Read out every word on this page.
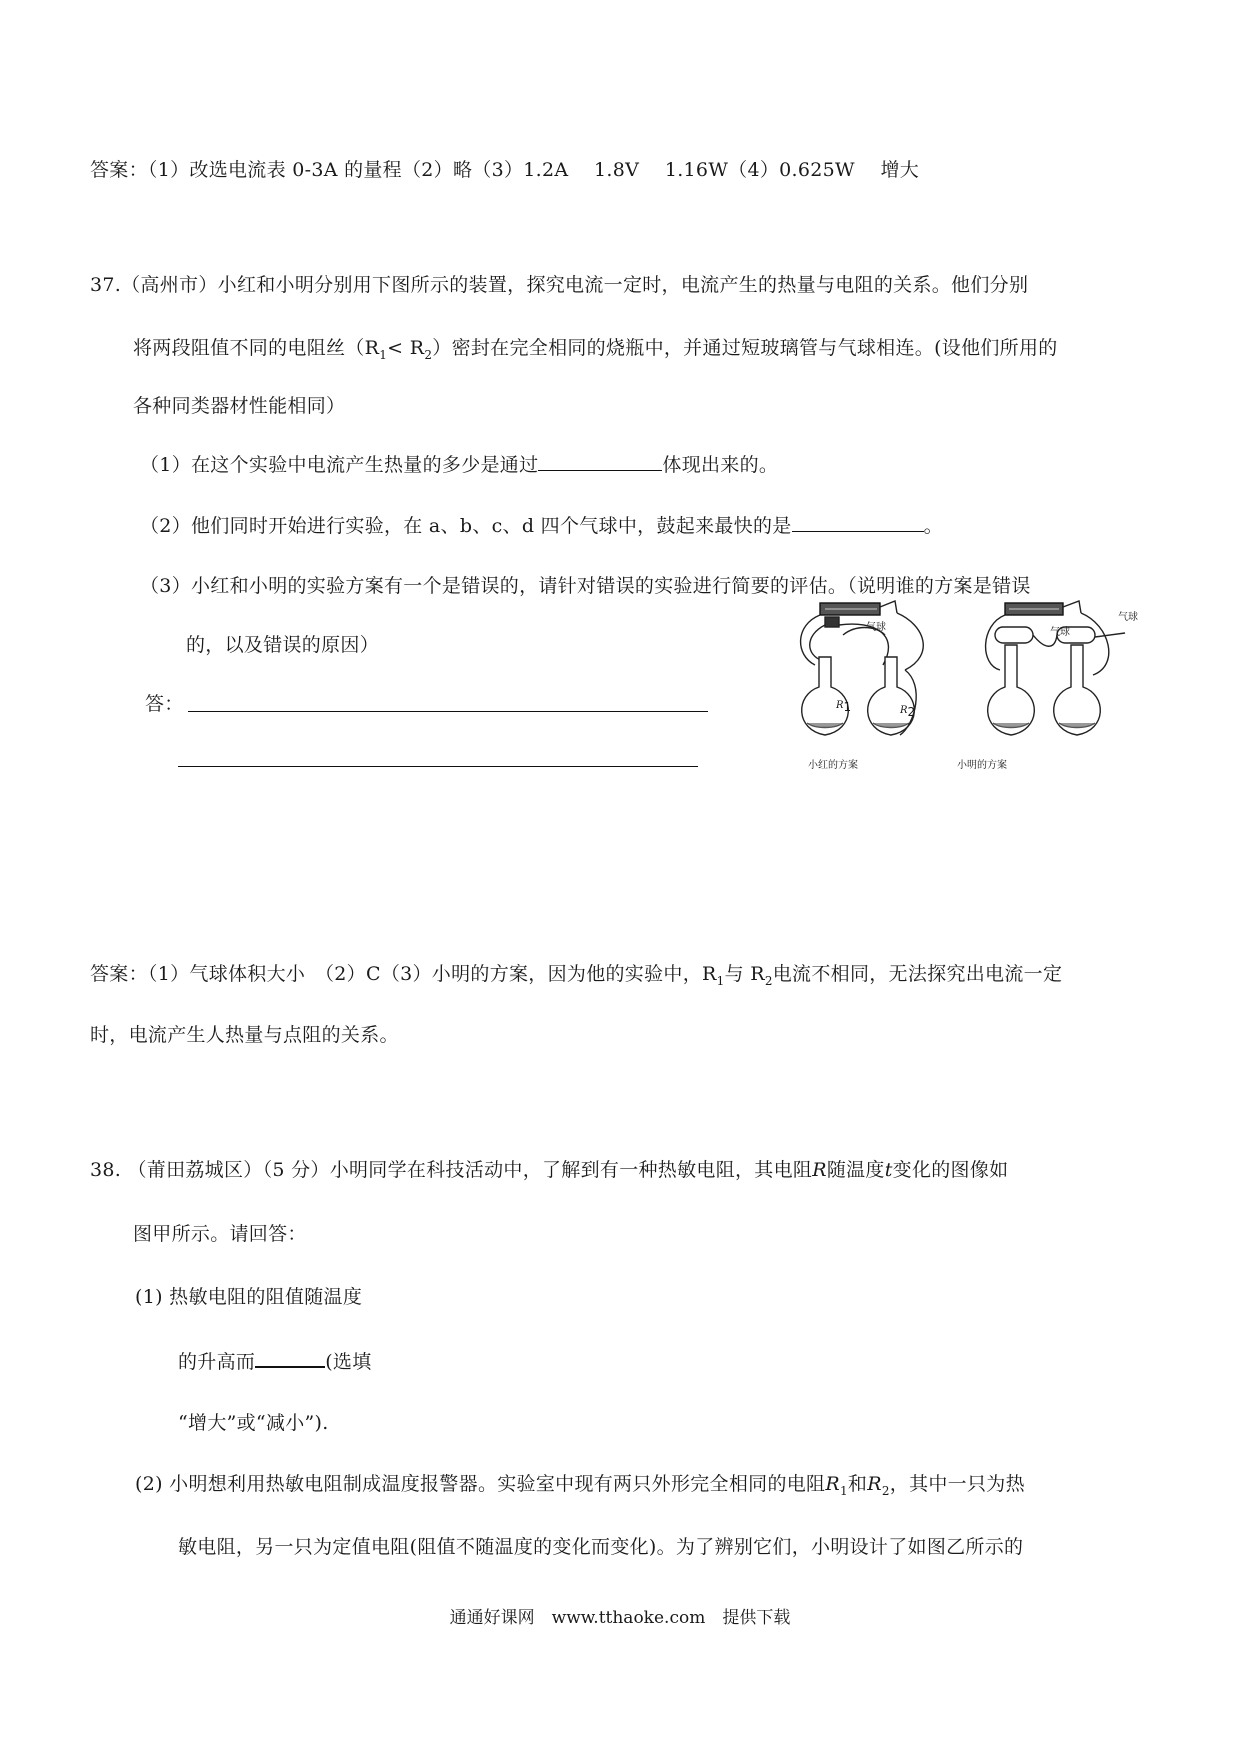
答案：（1）改选电流表 0-3A 的量程（2）略（3）1.2A　 1.8V　 1.16W（4）0.625W　 增大
37.（高州市）小红和小明分别用下图所示的装置，探究电流一定时，电流产生的热量与电阻的关系。他们分别
将两段阻值不同的电阻丝$(R_1< R_2)$密封在完全相同的烧瓶中，并通过短玻璃管与气球相连。(设他们所用的
各种同类器材性能相同）
（1）在这个实验中电流产生热量的多少是通过	体现出来的。
（2）他们同时开始进行实验，在 a、b、c、d 四个气球中，鼓起来最快的是	。
（3）小红和小明的实验方案有一个是错误的，请针对错误的实验进行简要的评估。（说明谁的方案是错误
的，以及错误的原因）
答：
气球	气球
气球
$R_1$	$R_2$
小红的方案	小明的方案
答案：（1）气球体积大小　（2）C（3）小明的方案，因为他的实验中，$R_1$与 $R_2$电流不相同，无法探究出电流一定
时，电流产生人热量与点阻的关系。
38. （莆田荔城区）（5 分）小明同学在科技活动中，了解到有一种热敏电阻，其电阻R随温度t变化的图像如
图甲所示。请回答：
(1) 热敏电阻的阻值随温度
的升高而	(选填
“增大”或“减小”).
(2) 小明想利用热敏电阻制成温度报警器。实验室中现有两只外形完全相同的电阻$R_1$和$R_2$，其中一只为热
敏电阻，另一只为定值电阻(阻值不随温度的变化而变化)。为了辨别它们，小明设计了如图乙所示的
通通好课网　www.tthaoke.com　提供下载
